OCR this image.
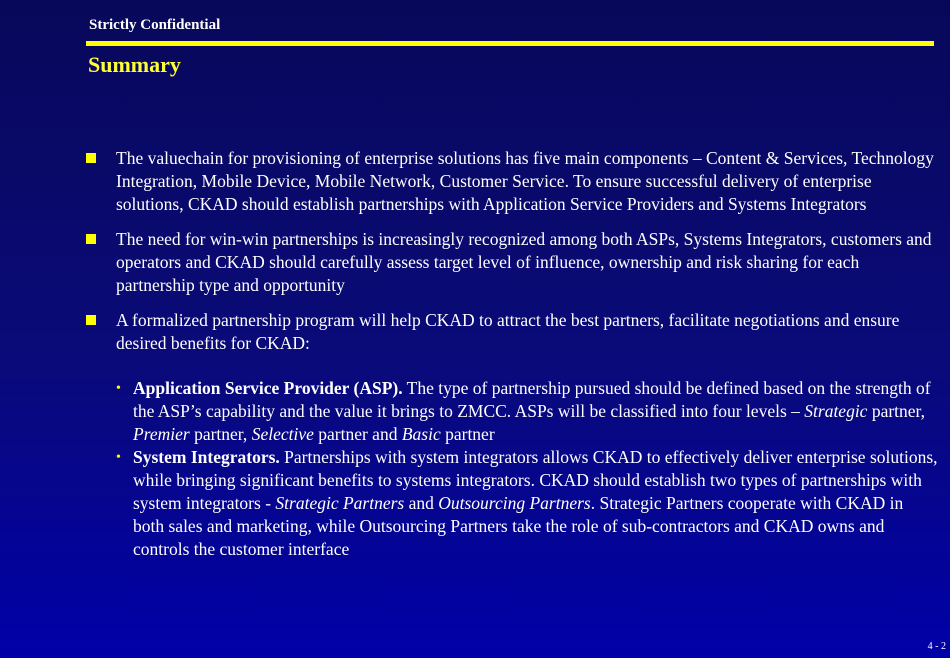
Strictly Confidential
Summary
The valuechain for provisioning of enterprise solutions has five main components – Content & Services, Technology Integration, Mobile Device, Mobile Network, Customer Service. To ensure successful delivery of enterprise solutions, CKAD should establish partnerships with Application Service Providers and Systems Integrators
The need for win-win partnerships is increasingly recognized among both ASPs, Systems Integrators, customers and operators and CKAD should carefully assess target level of influence, ownership and risk sharing for each partnership type and opportunity
A formalized partnership program will help CKAD to attract the best partners, facilitate negotiations and ensure desired benefits for CKAD:
• Application Service Provider (ASP). The type of partnership pursued should be defined based on the strength of the ASP’s capability and the value it brings to ZMCC. ASPs will be classified into four levels – Strategic partner, Premier partner, Selective partner and Basic partner
• System Integrators. Partnerships with system integrators allows CKAD to effectively deliver enterprise solutions, while bringing significant benefits to systems integrators. CKAD should establish two types of partnerships with system integrators - Strategic Partners and Outsourcing Partners. Strategic Partners cooperate with CKAD in both sales and marketing, while Outsourcing Partners take the role of sub-contractors and CKAD owns and controls the customer interface
4 - 2
